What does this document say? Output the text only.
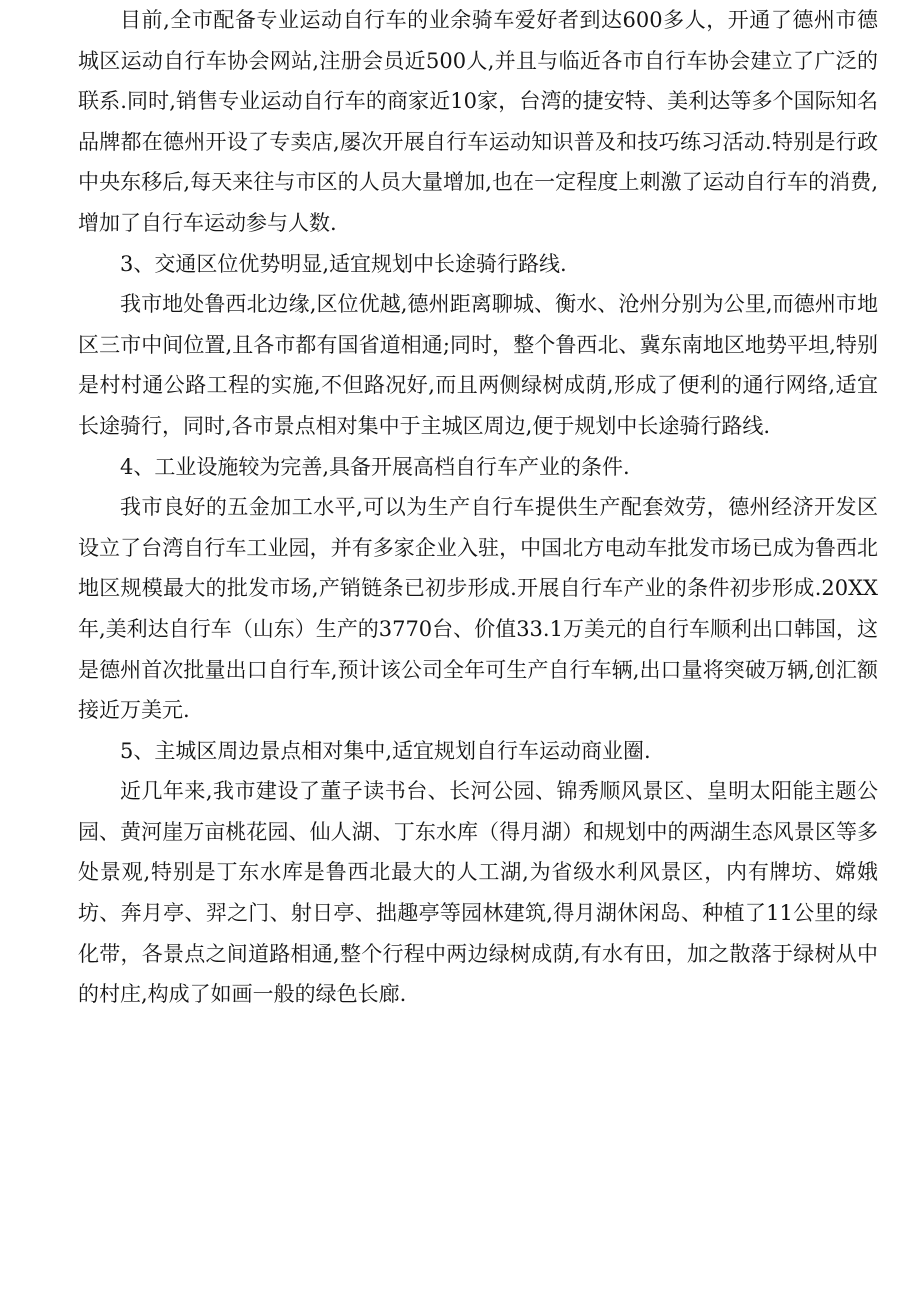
目前,全市配备专业运动自行车的业余骑车爱好者到达600多人，开通了德州市德城区运动自行车协会网站,注册会员近500人,并且与临近各市自行车协会建立了广泛的联系.同时,销售专业运动自行车的商家近10家，台湾的捷安特、美利达等多个国际知名品牌都在德州开设了专卖店,屡次开展自行车运动知识普及和技巧练习活动.特别是行政中央东移后,每天来往与市区的人员大量增加,也在一定程度上刺激了运动自行车的消费,增加了自行车运动参与人数.

3、交通区位优势明显,适宜规划中长途骑行路线.

我市地处鲁西北边缘,区位优越,德州距离聊城、衡水、沧州分别为公里,而德州市地区三市中间位置,且各市都有国省道相通;同时，整个鲁西北、冀东南地区地势平坦,特别是村村通公路工程的实施,不但路况好,而且两侧绿树成荫,形成了便利的通行网络,适宜长途骑行，同时,各市景点相对集中于主城区周边,便于规划中长途骑行路线.

4、工业设施较为完善,具备开展高档自行车产业的条件.

我市良好的五金加工水平,可以为生产自行车提供生产配套效劳，德州经济开发区设立了台湾自行车工业园，并有多家企业入驻，中国北方电动车批发市场已成为鲁西北地区规模最大的批发市场,产销链条已初步形成.开展自行车产业的条件初步形成.20XX年,美利达自行车（山东）生产的3770台、价值33.1万美元的自行车顺利出口韩国，这是德州首次批量出口自行车,预计该公司全年可生产自行车辆,出口量将突破万辆,创汇额接近万美元.

5、主城区周边景点相对集中,适宜规划自行车运动商业圈.

近几年来,我市建设了董子读书台、长河公园、锦秀顺风景区、皇明太阳能主题公园、黄河崖万亩桃花园、仙人湖、丁东水库（得月湖）和规划中的两湖生态风景区等多处景观,特别是丁东水库是鲁西北最大的人工湖,为省级水利风景区，内有牌坊、嫦娥坊、奔月亭、羿之门、射日亭、拙趣亭等园林建筑,得月湖休闲岛、种植了11公里的绿化带，各景点之间道路相通,整个行程中两边绿树成荫,有水有田，加之散落于绿树从中的村庄,构成了如画一般的绿色长廊.
